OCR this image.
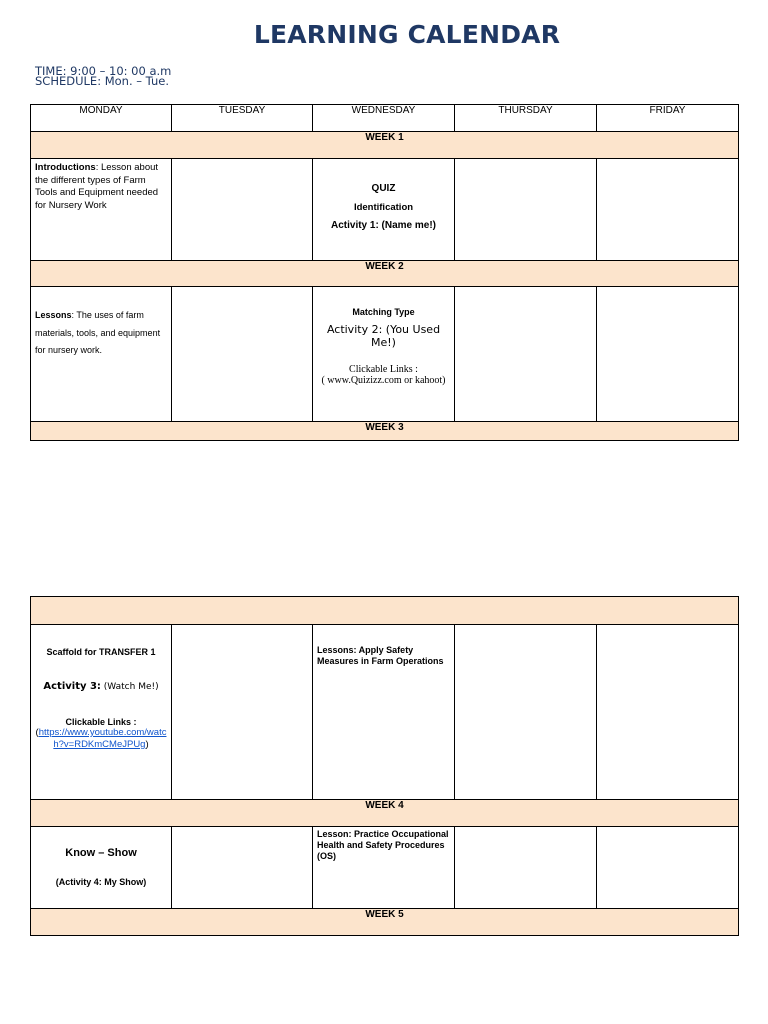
LEARNING CALENDAR
TIME: 9:00 – 10: 00 a.m
SCHEDULE: Mon. – Tue.
MONDAY	TUESDAY	WEDNESDAY	THURSDAY	FRIDAY
WEEK 1				

Introductions: Lesson about the different types of Farm Tools and Equipment needed for Nursery Work		QUIZ
Identification
Activity 1: (Name me!)		

WEEK 2				

Lessons: The uses of farm materials, tools, and equipment for nursery work.		Matching Type
Activity 2: (You Used Me!)
Clickable Links :
( www.Quizizz.com or kahoot)		

WEEK 3				

Scaffold for TRANSFER 1
Activity 3: (Watch Me!)
Clickable Links :
(https://www.youtube.com/watch?v=RDKmCMeJPUg)		Lessons: Apply Safety Measures in Farm Operations		

WEEK 4				

Know – Show
(Activity 4: My Show)		Lesson: Practice Occupational Health and Safety Procedures (OS)		

WEEK 5				
